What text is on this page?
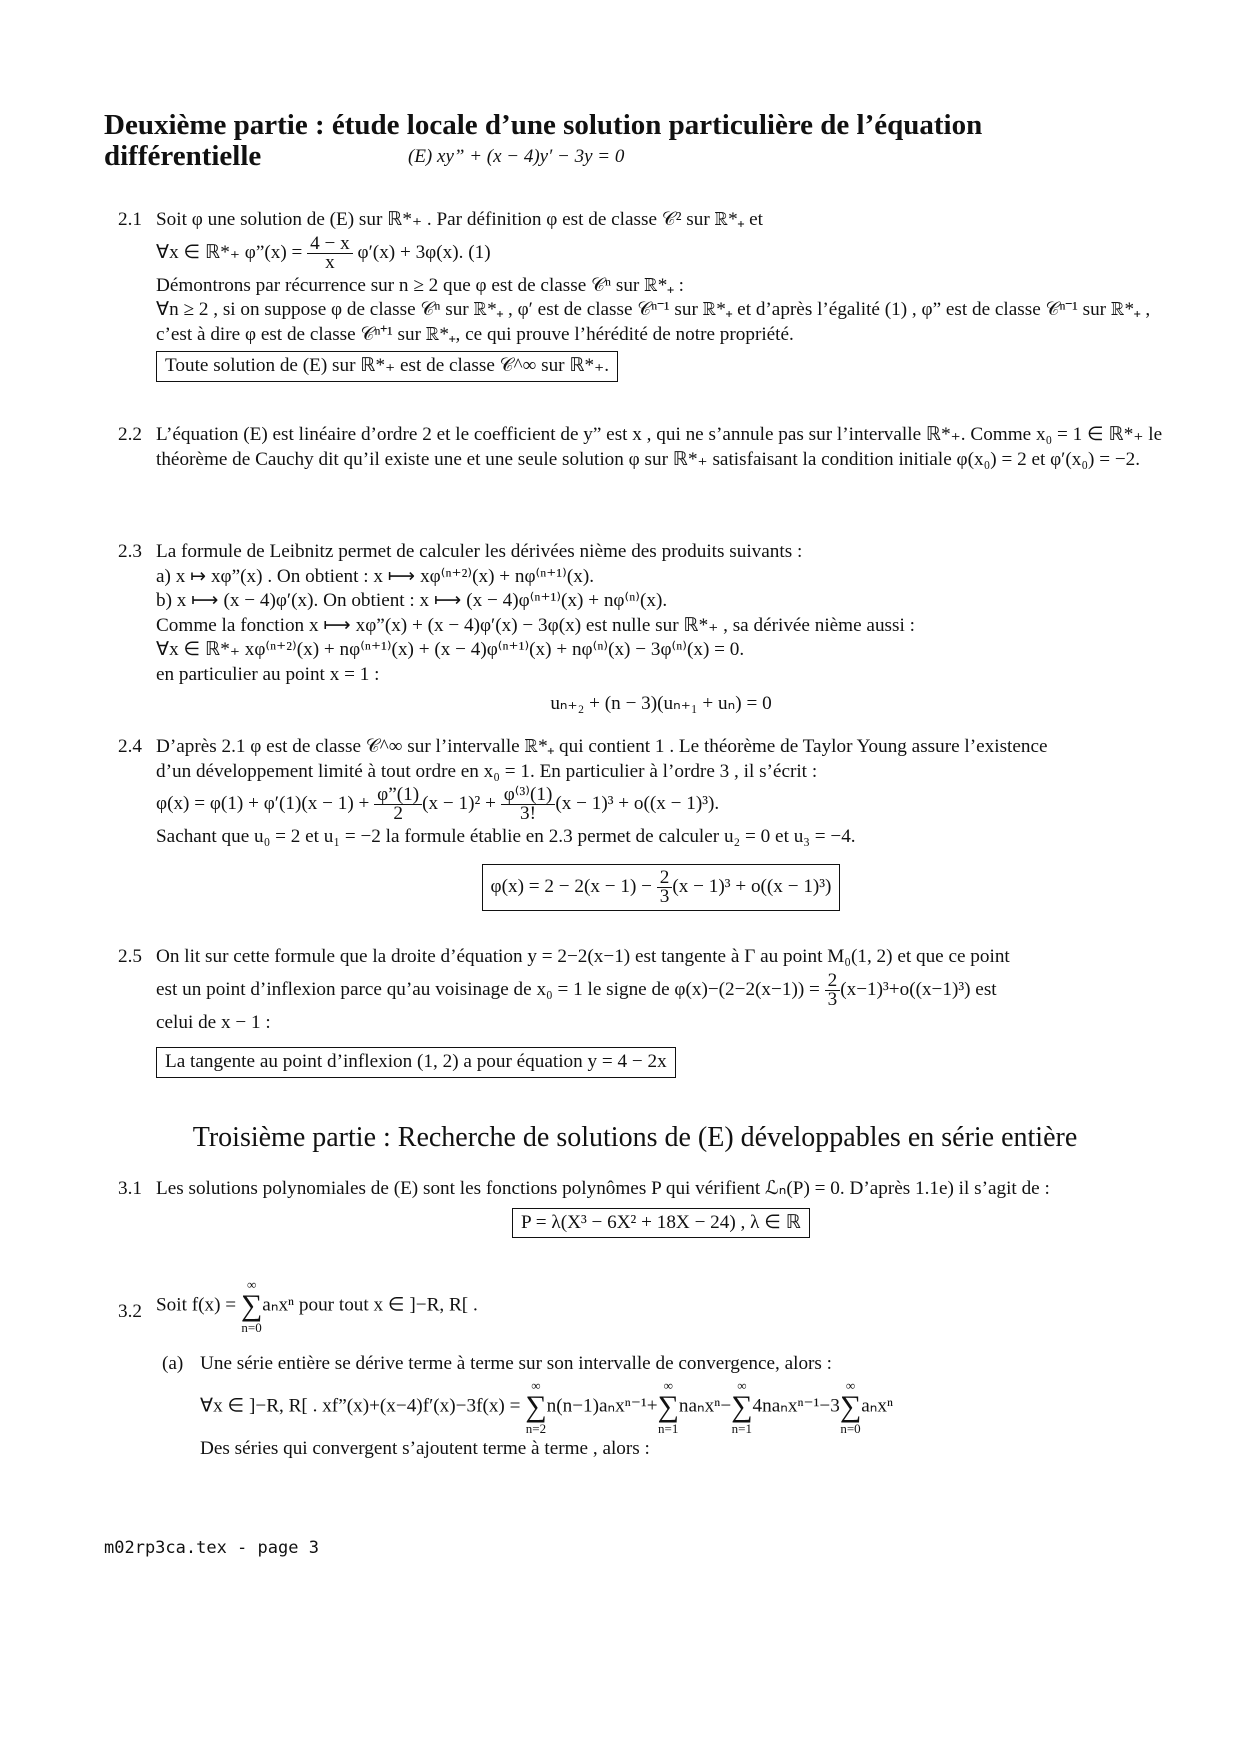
Deuxième partie : étude locale d’une solution particulière de l’équation
différentielle	(E) xy” + (x − 4)y′ − 3y = 0
2.1 Soit φ une solution de (E) sur ℝ*₊ . Par définition φ est de classe 𝒞² sur ℝ*₊ et
∀x ∈ ℝ*₊ φ”(x) = $\frac{4 - x}{x} \varphi'(x) + 3\varphi(x)$. (1)
Démontrons par récurrence sur n ≥ 2 que φ est de classe 𝒞ⁿ sur ℝ*₊ :
∀n ≥ 2 , si on suppose φ de classe 𝒞ⁿ sur ℝ*₊ , φ′ est de classe 𝒞ⁿ⁻¹ sur ℝ*₊ et d’après l’égalité (1) , φ” est de classe 𝒞ⁿ⁻¹ sur ℝ*₊ , c’est à dire φ est de classe 𝒞ⁿ⁺¹ sur ℝ*₊, ce qui prouve l’hérédité de notre propriété.
Toute solution de (E) sur ℝ*₊ est de classe 𝒞^∞ sur ℝ*₊.
2.2 L’équation (E) est linéaire d’ordre 2 et le coefficient de y” est x , qui ne s’annule pas sur l’intervalle ℝ*₊. Comme x₀ = 1 ∈ ℝ*₊ le théorème de Cauchy dit qu’il existe une et une seule solution φ sur ℝ*₊ satisfaisant la condition initiale φ(x₀) = 2 et φ′(x₀) = −2.
2.3 La formule de Leibnitz permet de calculer les dérivées nième des produits suivants :
a) x ↦ xφ”(x) . On obtient : x ⟼ xφ⁽ⁿ⁺²⁾(x) + nφ⁽ⁿ⁺¹⁾(x).
b) x ⟼ (x − 4)φ′(x). On obtient : x ⟼ (x − 4)φ⁽ⁿ⁺¹⁾(x) + nφ⁽ⁿ⁾(x).
Comme la fonction x ⟼ xφ”(x) + (x − 4)φ′(x) − 3φ(x) est nulle sur ℝ*₊ , sa dérivée nième aussi :
∀x ∈ ℝ*₊ xφ⁽ⁿ⁺²⁾(x) + nφ⁽ⁿ⁺¹⁾(x) + (x − 4)φ⁽ⁿ⁺¹⁾(x) + nφ⁽ⁿ⁾(x) − 3φ⁽ⁿ⁾(x) = 0.
en particulier au point x = 1 :
uₙ₊₂ + (n − 3)(uₙ₊₁ + uₙ) = 0
2.4 D’après 2.1 φ est de classe 𝒞^∞ sur l’intervalle ℝ*₊ qui contient 1 . Le théorème de Taylor Young assure l’existence
d’un développement limité à tout ordre en x₀ = 1. En particulier à l’ordre 3 , il s’écrit :
$\varphi(x) = \varphi(1) + \varphi'(1)(x - 1) + \frac{\varphi”(1)}{2} (x - 1)^2 + \frac{\text{φ⁽³⁾(1)}}{3!} (x - 1)^3 + o((x - 1)^3)$.
Sachant que u₀ = 2 et u₁ = −2 la formule établie en 2.3 permet de calculer u₂ = 0 et u₃ = −4.
$\varphi(x) = 2 - 2(x - 1) - \frac{2}{3} (x - 1)^3 + o((x - 1)^3)$
2.5 On lit sur cette formule que la droite d’équation y = 2−2(x−1) est tangente à Γ au point M₀(1, 2) et que ce point
est un point d’inflexion parce qu’au voisinage de x₀ = 1 le signe de $\varphi(x)-(2-2(x-1)) = \frac{2}{3} (x-1)^3+o((x-1)^3)$ est
celui de x − 1 :
La tangente au point d’inflexion (1, 2) a pour équation y = 4 − 2x
Troisième partie : Recherche de solutions de (E) développables en série entière
3.1 Les solutions polynomiales de (E) sont les fonctions polynômes P qui vérifient ℒₙ(P) = 0. D’après 1.1e) il s’agit de :
P = λ(X³ − 6X² + 18X − 24) , λ ∈ ℝ
3.2 Soit f(x) = ∞
∑
n=0aₙxⁿ pour tout x ∈ ]−R, R[ .
(a) Une série entière se dérive terme à terme sur son intervalle de convergence, alors :
∀x ∈ ]−R, R[ . xf”(x)+(x−4)f′(x)−3f(x) = ∞
∑
n=2n(n−1)aₙxⁿ⁻¹+∞
∑
n=1naₙxⁿ−∞
∑
n=14naₙxⁿ⁻¹−3∞
∑
n=0aₙxⁿ
Des séries qui convergent s’ajoutent terme à terme , alors :
m02rp3ca.tex - page 3
